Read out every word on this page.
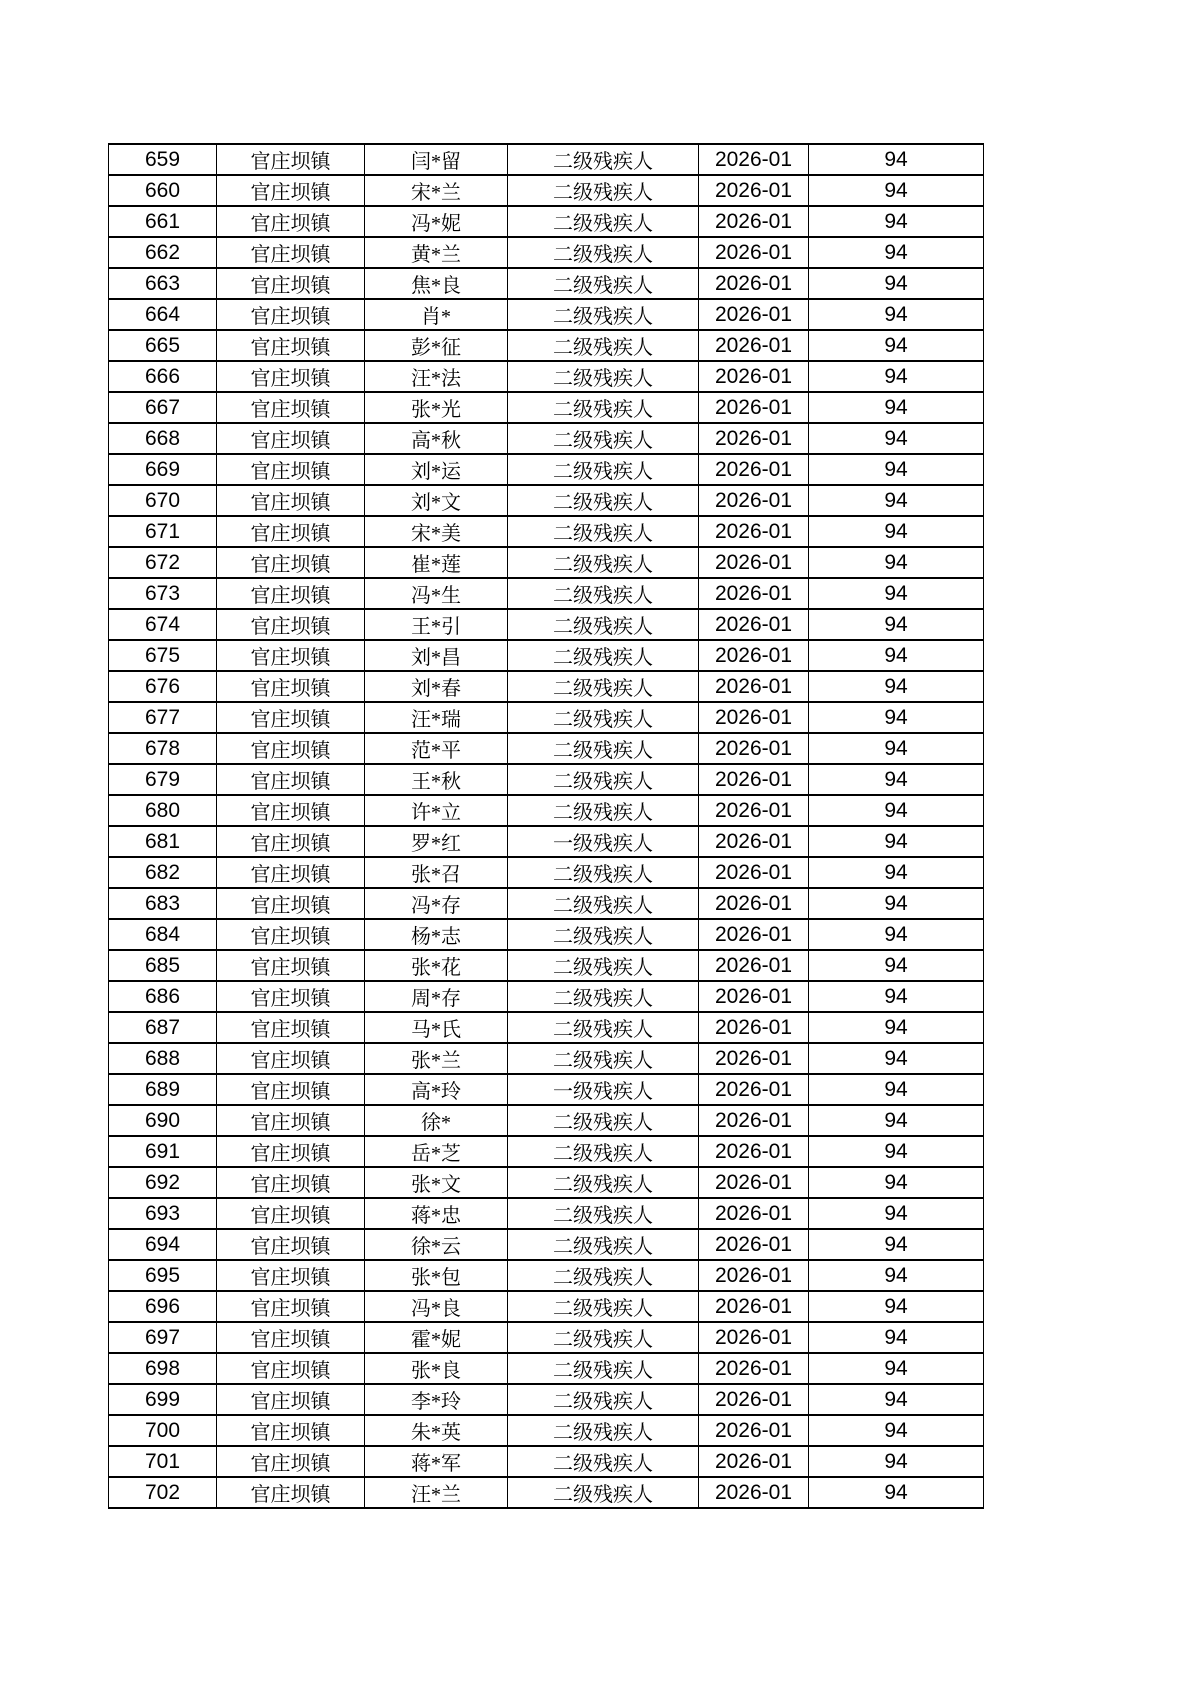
659	官庄坝镇	闫*留	二级残疾人	2026-01	94
660	官庄坝镇	宋*兰	二级残疾人	2026-01	94
661	官庄坝镇	冯*妮	二级残疾人	2026-01	94
662	官庄坝镇	黄*兰	二级残疾人	2026-01	94
663	官庄坝镇	焦*良	二级残疾人	2026-01	94
664	官庄坝镇	肖*	二级残疾人	2026-01	94
665	官庄坝镇	彭*征	二级残疾人	2026-01	94
666	官庄坝镇	汪*法	二级残疾人	2026-01	94
667	官庄坝镇	张*光	二级残疾人	2026-01	94
668	官庄坝镇	高*秋	二级残疾人	2026-01	94
669	官庄坝镇	刘*运	二级残疾人	2026-01	94
670	官庄坝镇	刘*文	二级残疾人	2026-01	94
671	官庄坝镇	宋*美	二级残疾人	2026-01	94
672	官庄坝镇	崔*莲	二级残疾人	2026-01	94
673	官庄坝镇	冯*生	二级残疾人	2026-01	94
674	官庄坝镇	王*引	二级残疾人	2026-01	94
675	官庄坝镇	刘*昌	二级残疾人	2026-01	94
676	官庄坝镇	刘*春	二级残疾人	2026-01	94
677	官庄坝镇	汪*瑞	二级残疾人	2026-01	94
678	官庄坝镇	范*平	二级残疾人	2026-01	94
679	官庄坝镇	王*秋	二级残疾人	2026-01	94
680	官庄坝镇	许*立	二级残疾人	2026-01	94
681	官庄坝镇	罗*红	一级残疾人	2026-01	94
682	官庄坝镇	张*召	二级残疾人	2026-01	94
683	官庄坝镇	冯*存	二级残疾人	2026-01	94
684	官庄坝镇	杨*志	二级残疾人	2026-01	94
685	官庄坝镇	张*花	二级残疾人	2026-01	94
686	官庄坝镇	周*存	二级残疾人	2026-01	94
687	官庄坝镇	马*氏	二级残疾人	2026-01	94
688	官庄坝镇	张*兰	二级残疾人	2026-01	94
689	官庄坝镇	高*玲	一级残疾人	2026-01	94
690	官庄坝镇	徐*	二级残疾人	2026-01	94
691	官庄坝镇	岳*芝	二级残疾人	2026-01	94
692	官庄坝镇	张*文	二级残疾人	2026-01	94
693	官庄坝镇	蒋*忠	二级残疾人	2026-01	94
694	官庄坝镇	徐*云	二级残疾人	2026-01	94
695	官庄坝镇	张*包	二级残疾人	2026-01	94
696	官庄坝镇	冯*良	二级残疾人	2026-01	94
697	官庄坝镇	霍*妮	二级残疾人	2026-01	94
698	官庄坝镇	张*良	二级残疾人	2026-01	94
699	官庄坝镇	李*玲	二级残疾人	2026-01	94
700	官庄坝镇	朱*英	二级残疾人	2026-01	94
701	官庄坝镇	蒋*军	二级残疾人	2026-01	94
702	官庄坝镇	汪*兰	二级残疾人	2026-01	94
